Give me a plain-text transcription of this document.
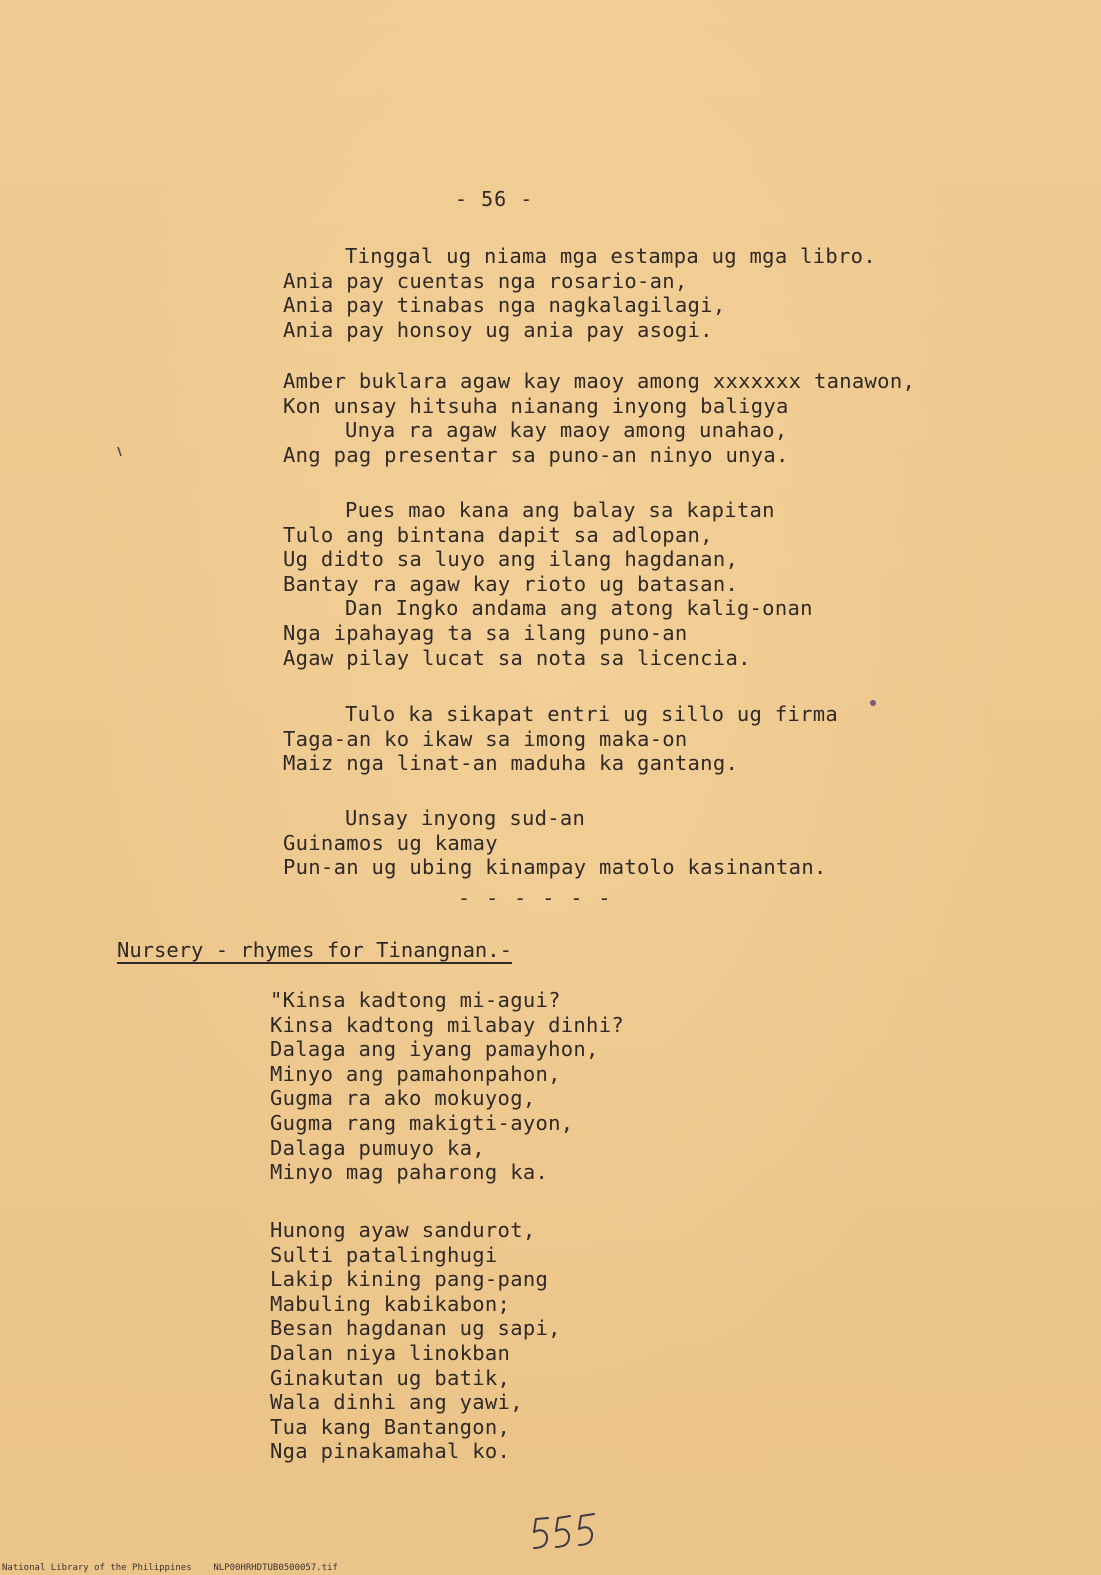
- 56 -
Tinggal ug niama mga estampa ug mga libro.
Ania pay cuentas nga rosario-an,
Ania pay tinabas nga nagkalagilagi,
Ania pay honsoy ug ania pay asogi.
Amber buklara agaw kay maoy among xxxxxxx tanawon,
Kon unsay hitsuha nianang inyong baligya
Unya ra agaw kay maoy among unahao,
Ang pag presentar sa puno-an ninyo unya.
Pues mao kana ang balay sa kapitan
Tulo ang bintana dapit sa adlopan,
Ug didto sa luyo ang ilang hagdanan,
Bantay ra agaw kay rioto ug batasan.
Dan Ingko andama ang atong kalig-onan
Nga ipahayag ta sa ilang puno-an
Agaw pilay lucat sa nota sa licencia.
Tulo ka sikapat entri ug sillo ug firma
Taga-an ko ikaw sa imong maka-on
Maiz nga linat-an maduha ka gantang.
Unsay inyong sud-an
Guinamos ug kamay
Pun-an ug ubing kinampay matolo kasinantan.
- - - - - -
Nursery - rhymes for Tinangnan.-
"Kinsa kadtong mi-agui?
Kinsa kadtong milabay dinhi?
Dalaga ang iyang pamayhon,
Minyo ang pamahonpahon,
Gugma ra ako mokuyog,
Gugma rang makigti-ayon,
Dalaga pumuyo ka,
Minyo mag paharong ka.
Hunong ayaw sandurot,
Sulti patalinghugi
Lakip kining pang-pang
Mabuling kabikabon;
Besan hagdanan ug sapi,
Dalan niya linokban
Ginakutan ug batik,
Wala dinhi ang yawi,
Tua kang Bantangon,
Nga pinakamahal ko.
National Library of the Philippines    NLP00HRHDTUB0500057.tif
